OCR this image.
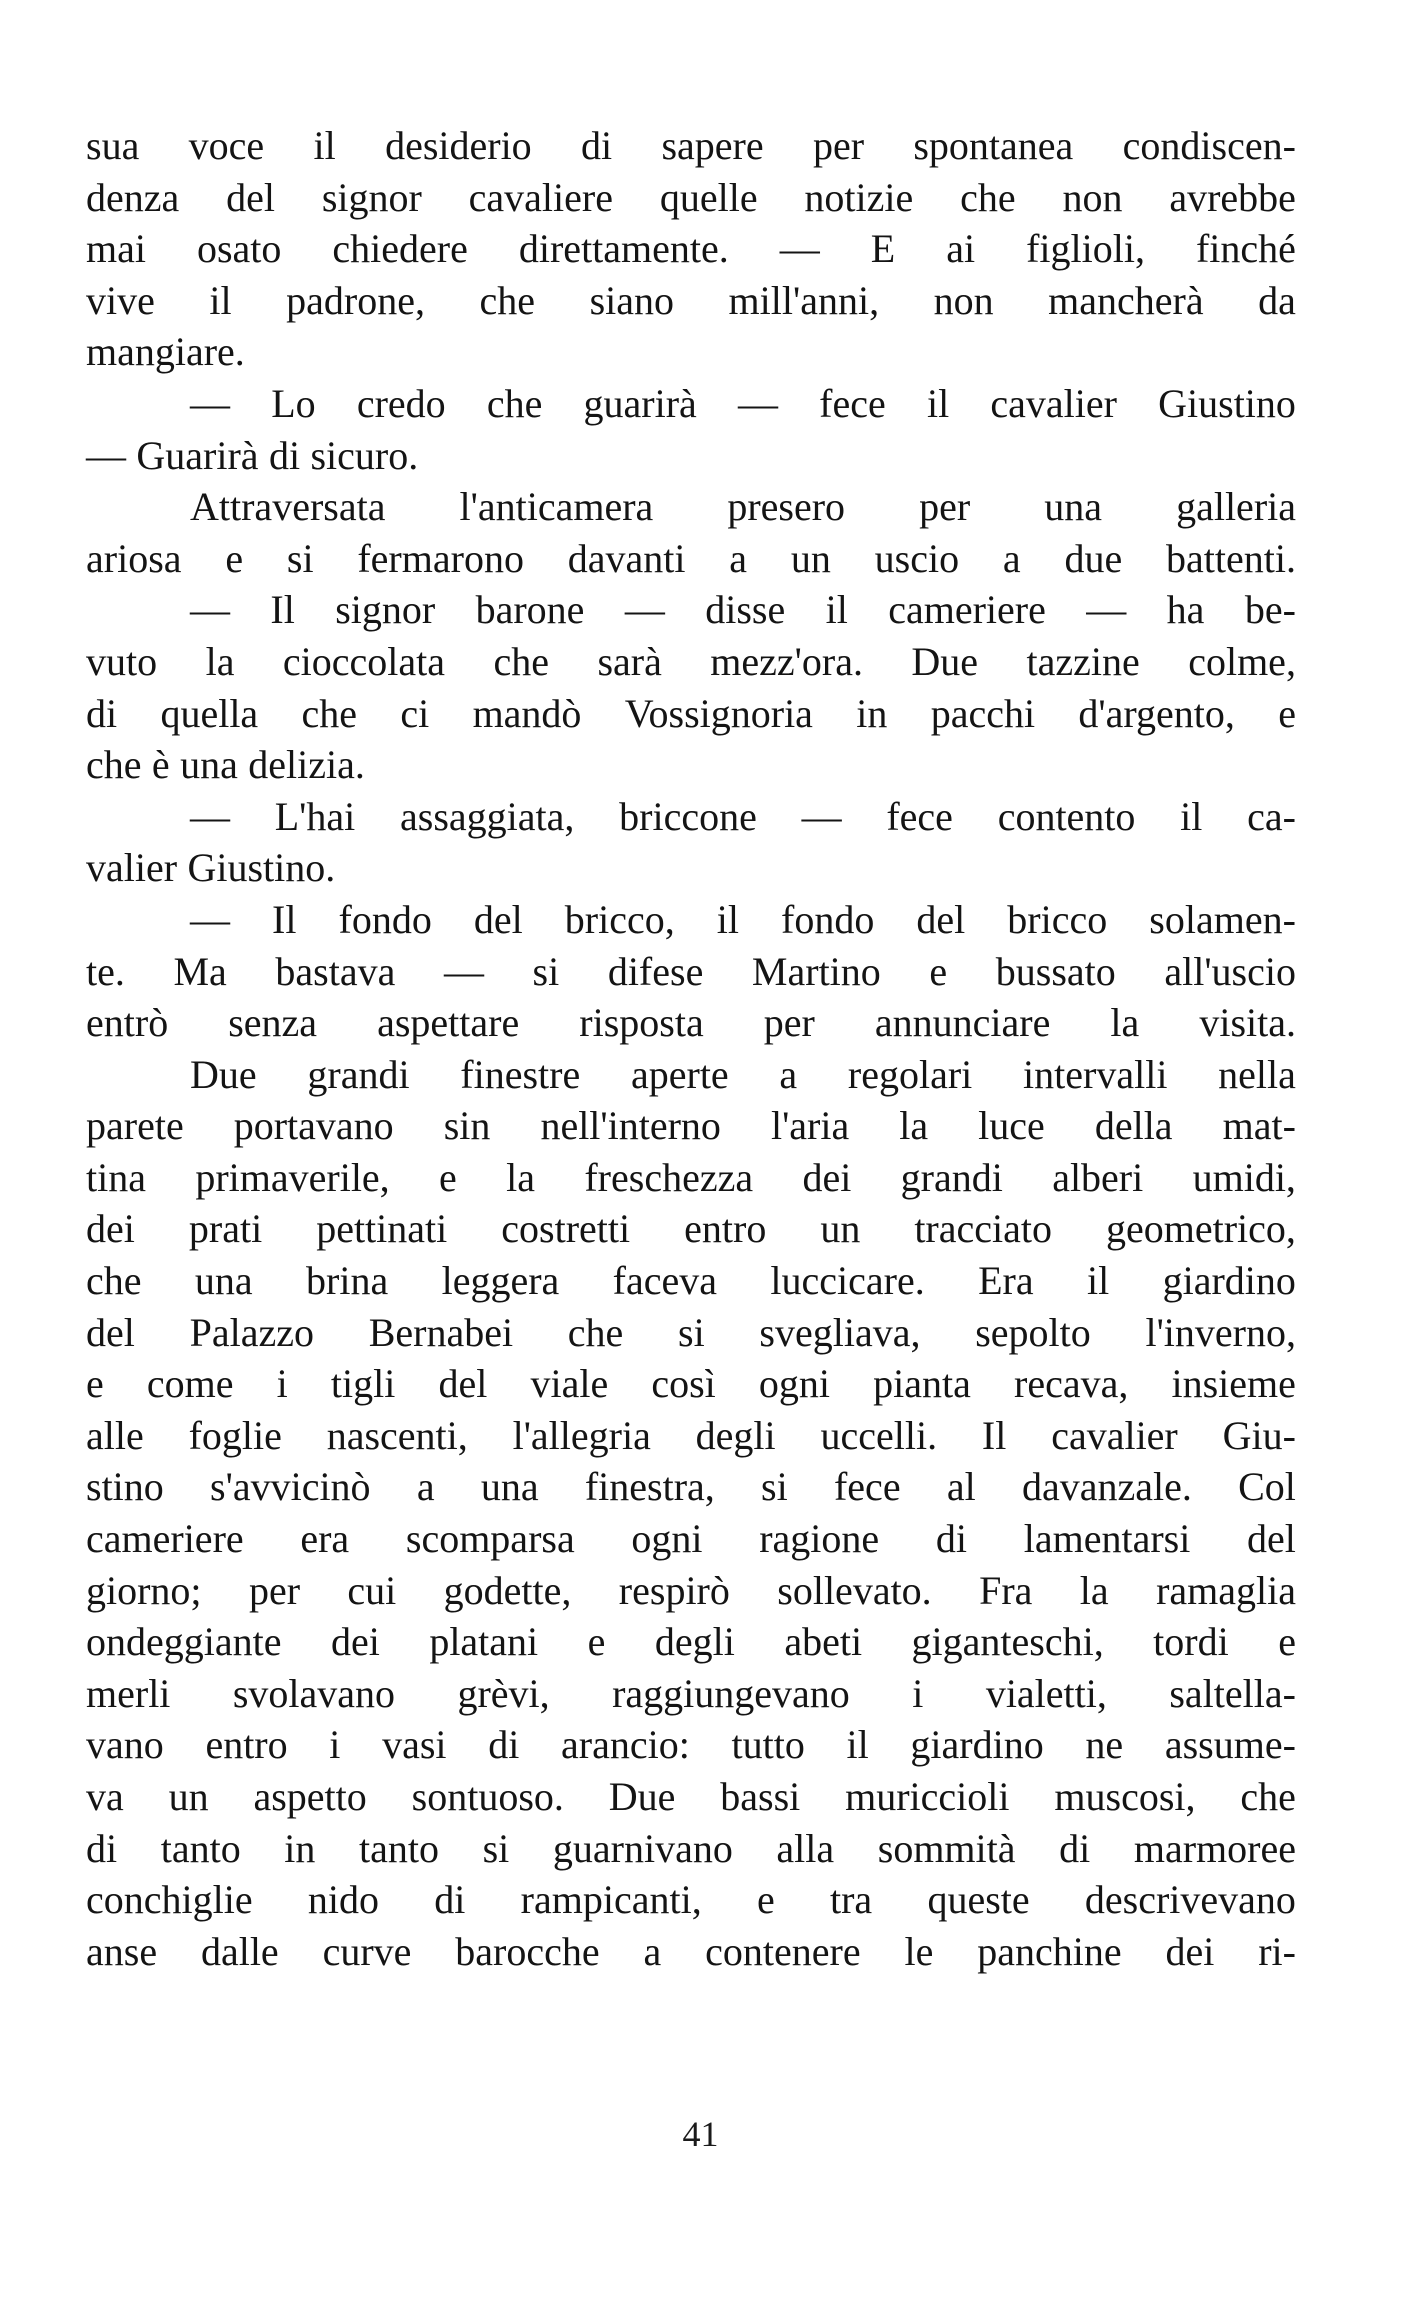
sua voce il desiderio di sapere per spontanea condiscen-
denza del signor cavaliere quelle notizie che non avrebbe
mai osato chiedere direttamente. — E ai figlioli, finché
vive il padrone, che siano mill'anni, non mancherà da
mangiare.
— Lo credo che guarirà — fece il cavalier Giustino
— Guarirà di sicuro.
Attraversata l'anticamera presero per una galleria
ariosa e si fermarono davanti a un uscio a due battenti.
— Il signor barone — disse il cameriere — ha be-
vuto la cioccolata che sarà mezz'ora. Due tazzine colme,
di quella che ci mandò Vossignoria in pacchi d'argento, e
che è una delizia.
— L'hai assaggiata, briccone — fece contento il ca-
valier Giustino.
— Il fondo del bricco, il fondo del bricco solamen-
te. Ma bastava — si difese Martino e bussato all'uscio
entrò senza aspettare risposta per annunciare la visita.
Due grandi finestre aperte a regolari intervalli nella
parete portavano sin nell'interno l'aria la luce della mat-
tina primaverile, e la freschezza dei grandi alberi umidi,
dei prati pettinati costretti entro un tracciato geometrico,
che una brina leggera faceva luccicare. Era il giardino
del Palazzo Bernabei che si svegliava, sepolto l'inverno,
e come i tigli del viale così ogni pianta recava, insieme
alle foglie nascenti, l'allegria degli uccelli. Il cavalier Giu-
stino s'avvicinò a una finestra, si fece al davanzale. Col
cameriere era scomparsa ogni ragione di lamentarsi del
giorno; per cui godette, respirò sollevato. Fra la ramaglia
ondeggiante dei platani e degli abeti giganteschi, tordi e
merli svolavano grèvi, raggiungevano i vialetti, saltella-
vano entro i vasi di arancio: tutto il giardino ne assume-
va un aspetto sontuoso. Due bassi muriccioli muscosi, che
di tanto in tanto si guarnivano alla sommità di marmoree
conchiglie nido di rampicanti, e tra queste descrivevano
anse dalle curve barocche a contenere le panchine dei ri-
41
